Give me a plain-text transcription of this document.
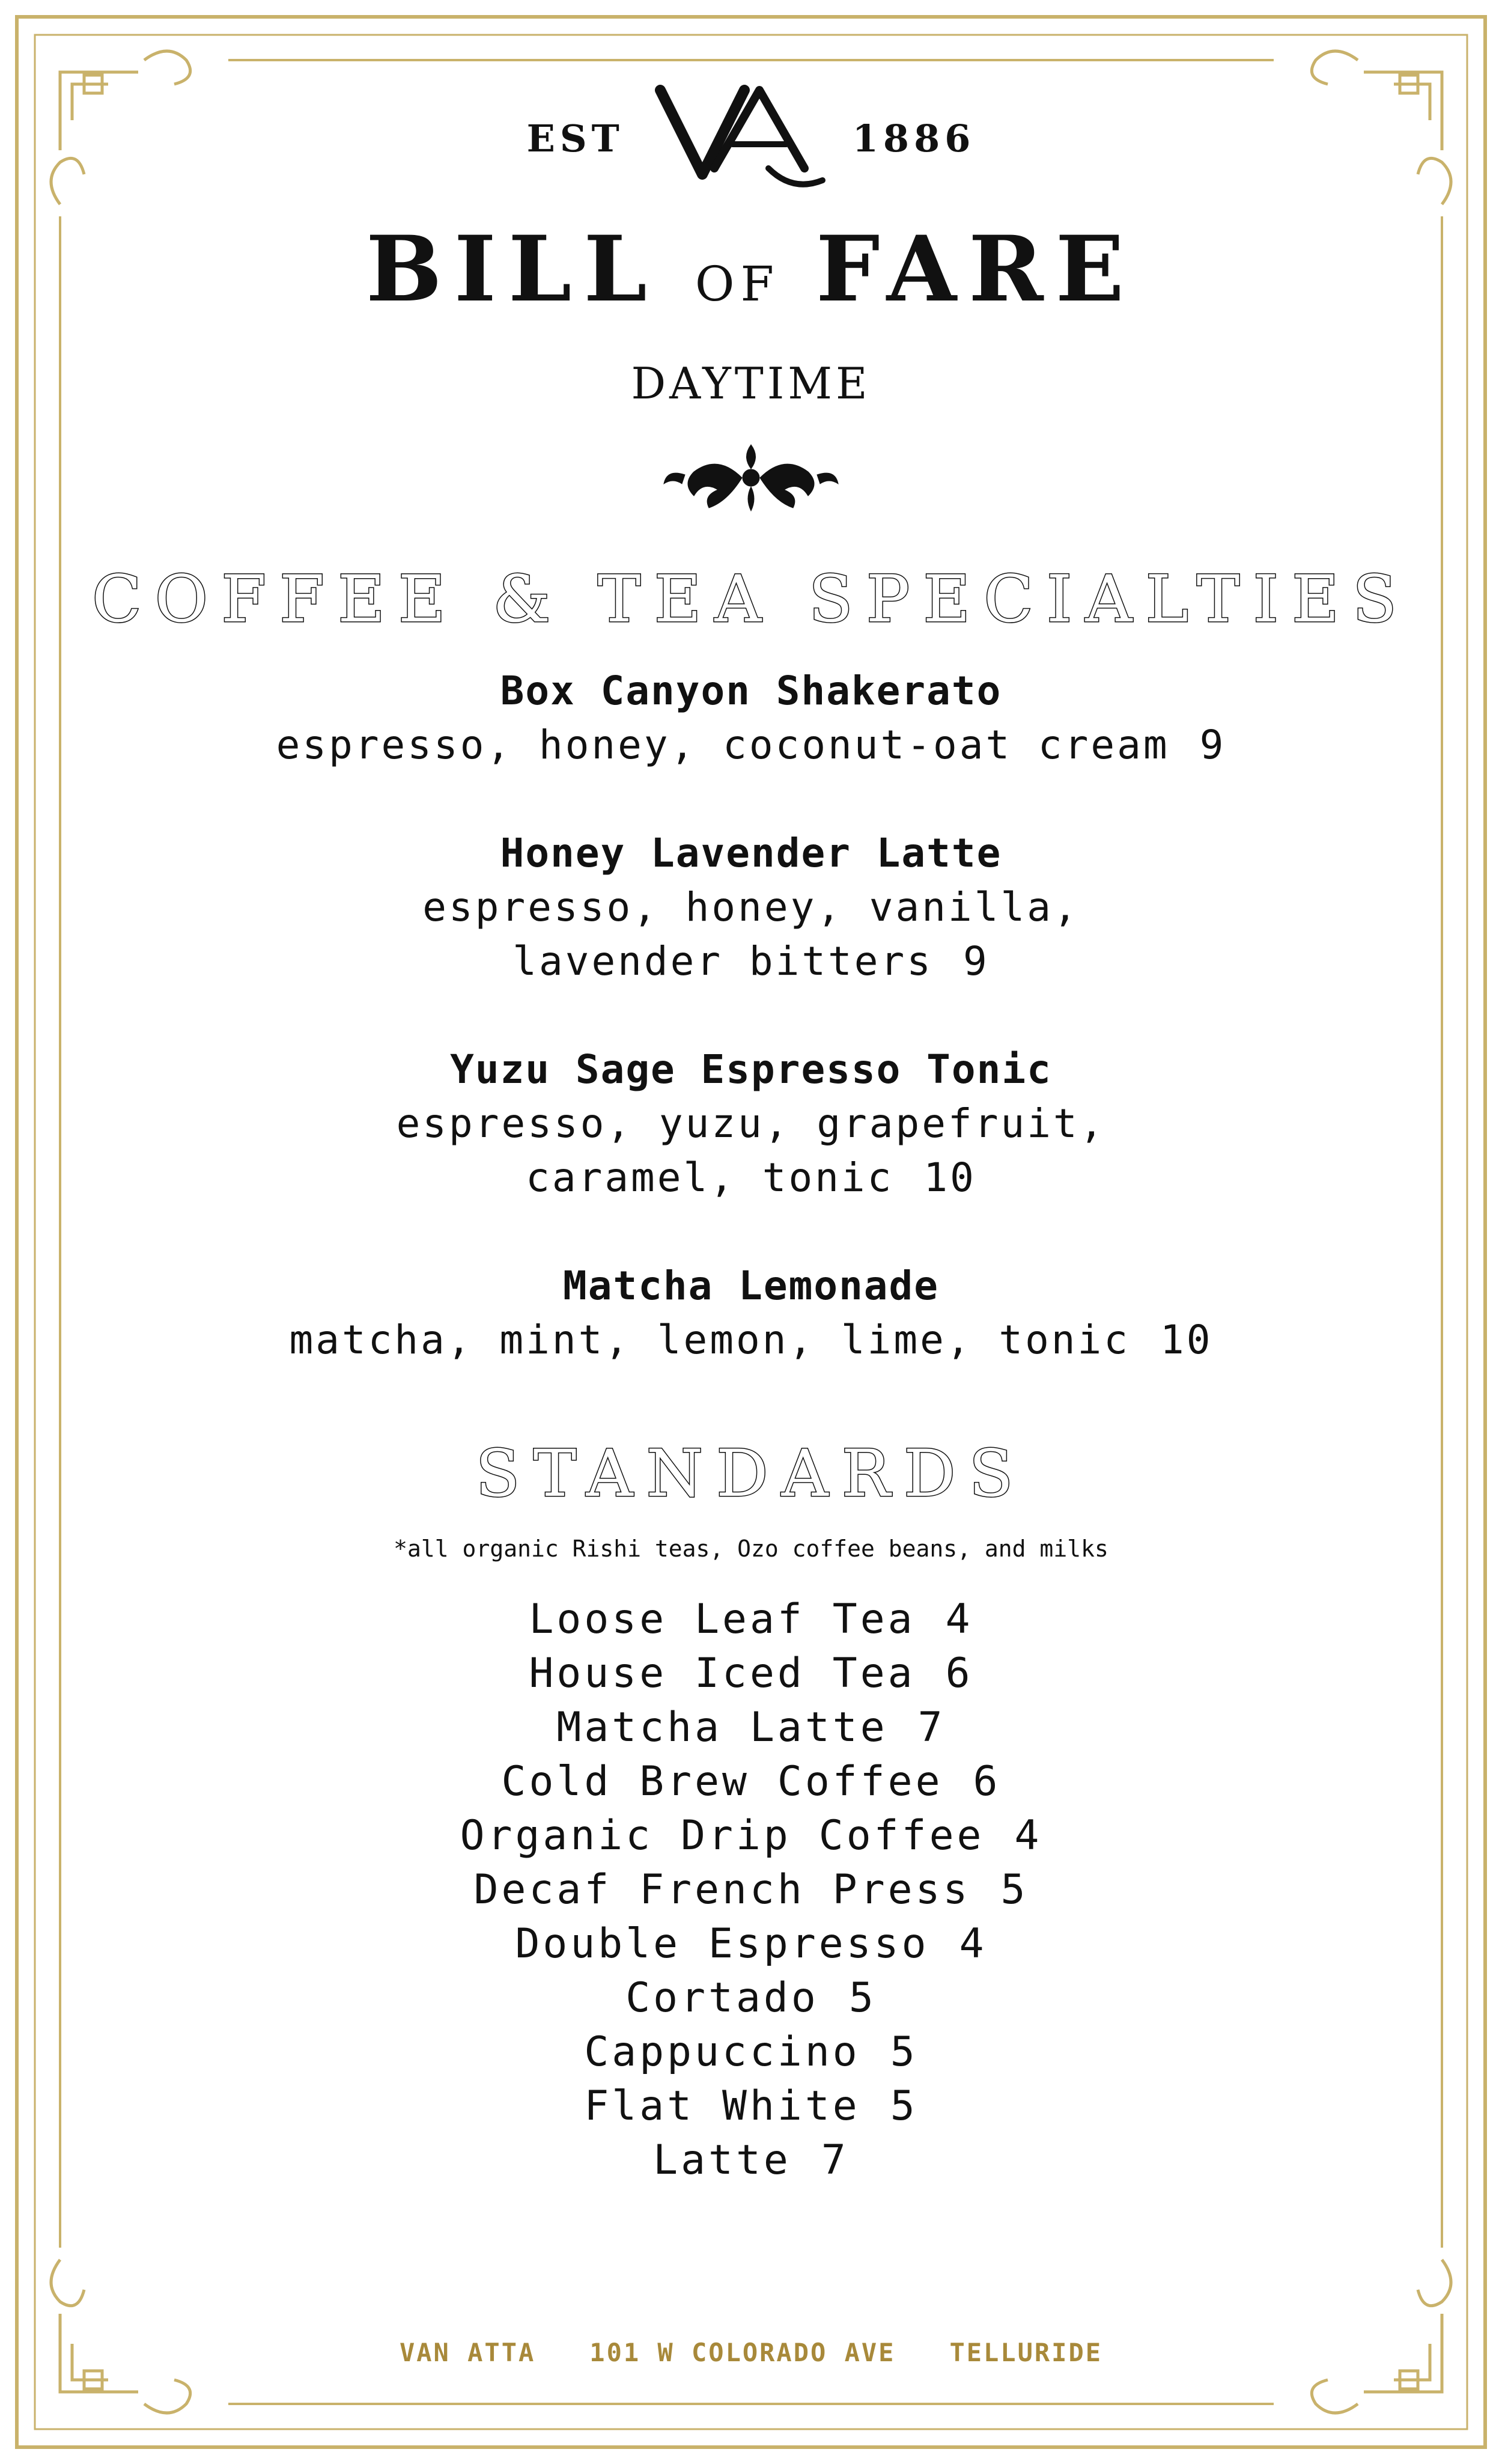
EST	1886
BILL OF FARE
DAYTIME
COFFEE & TEA SPECIALTIES
Box Canyon Shakerato
espresso, honey, coconut-oat cream 9
Honey Lavender Latte
espresso, honey, vanilla,
lavender bitters 9
Yuzu Sage Espresso Tonic
espresso, yuzu, grapefruit,
caramel, tonic 10
Matcha Lemonade
matcha, mint, lemon, lime, tonic 10
STANDARDS
*all organic Rishi teas, Ozo coffee beans, and milks
Loose Leaf Tea 4
House Iced Tea 6
Matcha Latte 7
Cold Brew Coffee 6
Organic Drip Coffee 4
Decaf French Press 5
Double Espresso 4
Cortado 5
Cappuccino 5
Flat White 5
Latte 7
VAN ATTA 101 W COLORADO AVE TELLURIDE
